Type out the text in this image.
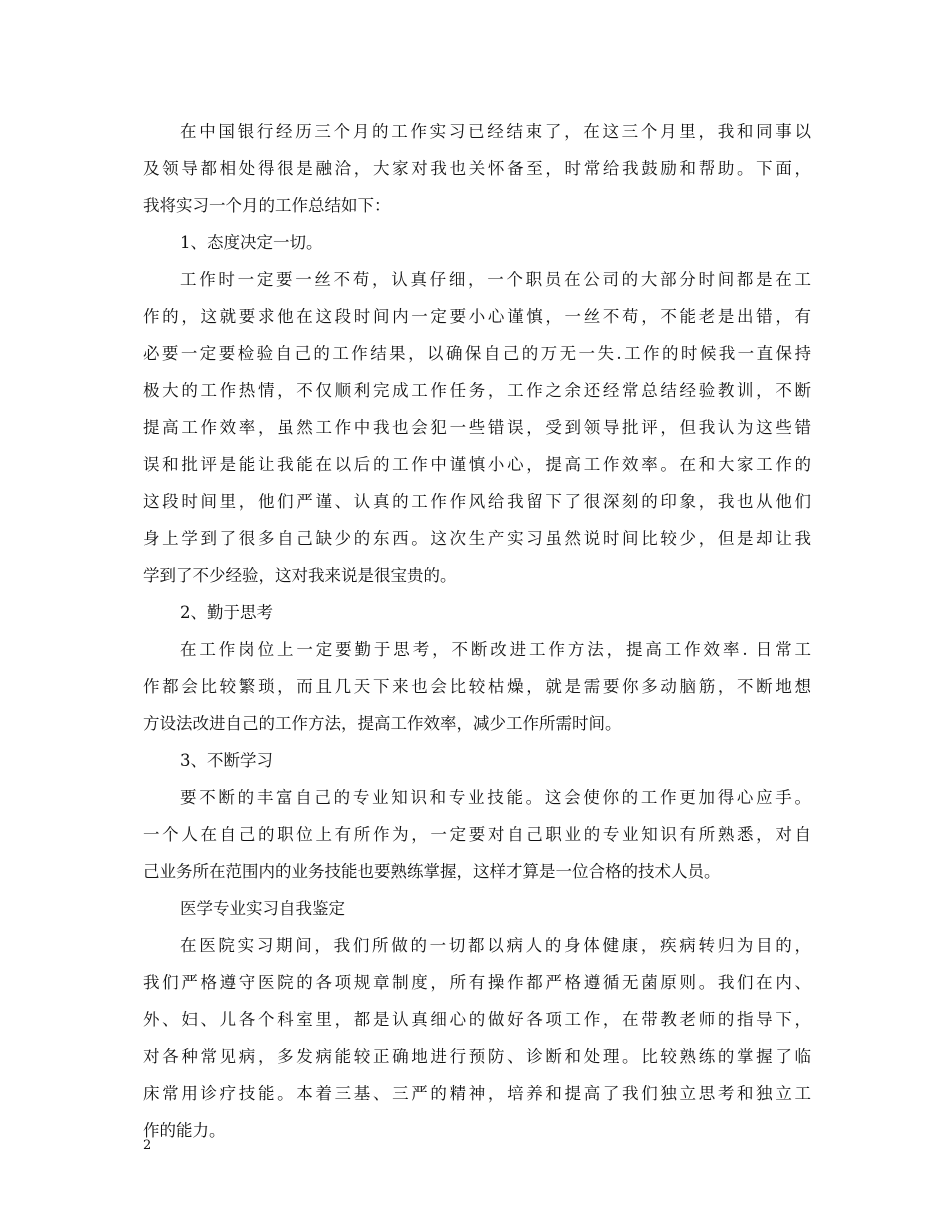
在中国银行经历三个月的工作实习已经结束了，在这三个月里，我和同事以
及领导都相处得很是融洽，大家对我也关怀备至，时常给我鼓励和帮助。下面，
我将实习一个月的工作总结如下：
1、态度决定一切。
工作时一定要一丝不苟，认真仔细，一个职员在公司的大部分时间都是在工
作的，这就要求他在这段时间内一定要小心谨慎，一丝不苟，不能老是出错，有
必要一定要检验自己的工作结果，以确保自己的万无一失.工作的时候我一直保持
极大的工作热情，不仅顺利完成工作任务，工作之余还经常总结经验教训，不断
提高工作效率，虽然工作中我也会犯一些错误，受到领导批评，但我认为这些错
误和批评是能让我能在以后的工作中谨慎小心，提高工作效率。在和大家工作的
这段时间里，他们严谨、认真的工作作风给我留下了很深刻的印象，我也从他们
身上学到了很多自己缺少的东西。这次生产实习虽然说时间比较少，但是却让我
学到了不少经验，这对我来说是很宝贵的。
2、勤于思考
在工作岗位上一定要勤于思考，不断改进工作方法，提高工作效率. 日常工
作都会比较繁琐，而且几天下来也会比较枯燥，就是需要你多动脑筋，不断地想
方设法改进自己的工作方法，提高工作效率，减少工作所需时间。
3、不断学习
要不断的丰富自己的专业知识和专业技能。这会使你的工作更加得心应手。
一个人在自己的职位上有所作为，一定要对自己职业的专业知识有所熟悉，对自
己业务所在范围内的业务技能也要熟练掌握，这样才算是一位合格的技术人员。
医学专业实习自我鉴定
在医院实习期间，我们所做的一切都以病人的身体健康，疾病转归为目的，
我们严格遵守医院的各项规章制度，所有操作都严格遵循无菌原则。我们在内、
外、妇、儿各个科室里，都是认真细心的做好各项工作，在带教老师的指导下，
对各种常见病，多发病能较正确地进行预防、诊断和处理。比较熟练的掌握了临
床常用诊疗技能。本着三基、三严的精神，培养和提高了我们独立思考和独立工
作的能力。
2
